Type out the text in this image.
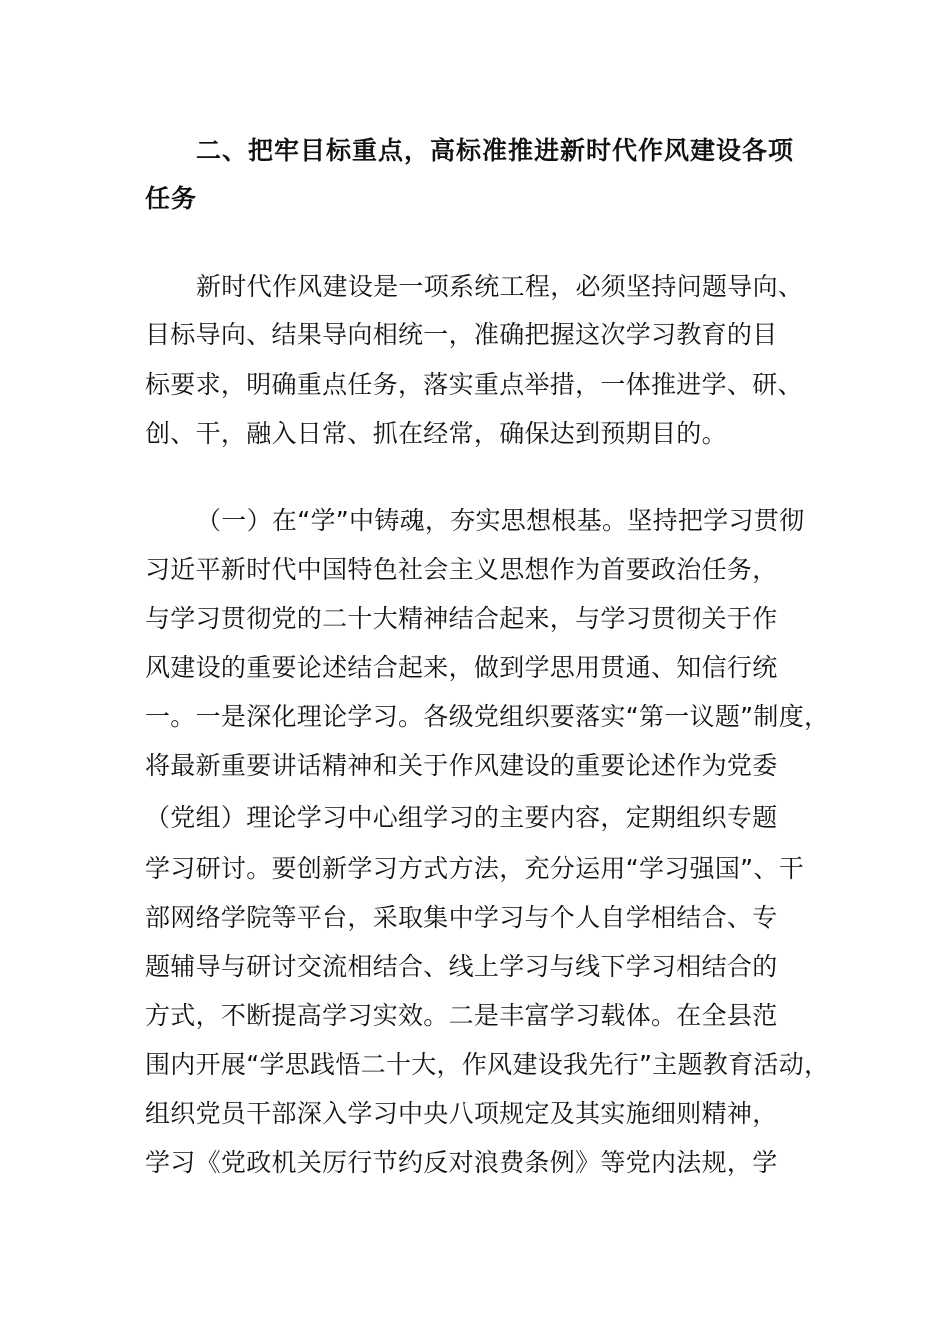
二、把牢目标重点，高标准推进新时代作风建设各项
任务
新时代作风建设是一项系统工程，必须坚持问题导向、
目标导向、结果导向相统一，准确把握这次学习教育的目
标要求，明确重点任务，落实重点举措，一体推进学、研、
创、干，融入日常、抓在经常，确保达到预期目的。
（一）在“学”中铸魂，夯实思想根基。坚持把学习贯彻
习近平新时代中国特色社会主义思想作为首要政治任务，
与学习贯彻党的二十大精神结合起来，与学习贯彻关于作
风建设的重要论述结合起来，做到学思用贯通、知信行统
一。一是深化理论学习。各级党组织要落实“第一议题”制度，
将最新重要讲话精神和关于作风建设的重要论述作为党委
（党组）理论学习中心组学习的主要内容，定期组织专题
学习研讨。要创新学习方式方法，充分运用“学习强国”、干
部网络学院等平台，采取集中学习与个人自学相结合、专
题辅导与研讨交流相结合、线上学习与线下学习相结合的
方式，不断提高学习实效。二是丰富学习载体。在全县范
围内开展“学思践悟二十大，作风建设我先行”主题教育活动，
组织党员干部深入学习中央八项规定及其实施细则精神，
学习《党政机关厉行节约反对浪费条例》等党内法规，学
